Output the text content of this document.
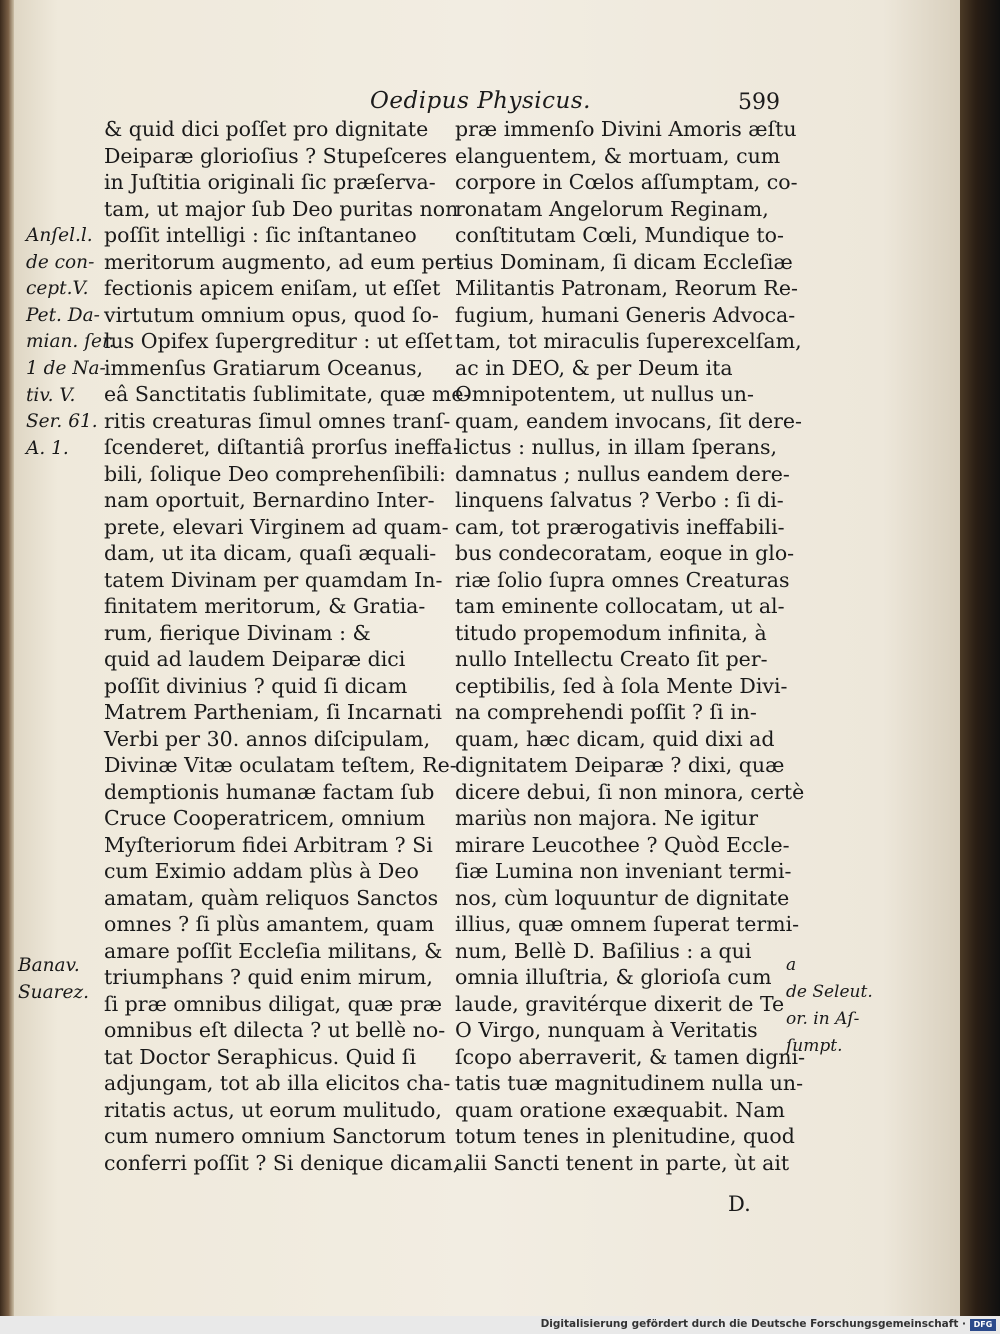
Oedipus Physicus.	599
& quid dici poſſet pro dignitate
Deiparæ glorioſius ? Stupeſceres
in Juſtitia originali ſic præſerva-
tam, ut major ſub Deo puritas non
poſſit intelligi : ſic inſtantaneo
meritorum augmento, ad eum per-
fectionis apicem eniſam, ut eſſet
virtutum omnium opus, quod ſo-
lus Opifex ſupergreditur : ut eſſet
immenſus Gratiarum Oceanus,
eâ Sanctitatis ſublimitate, quæ me-
ritis creaturas ſimul omnes tranſ-
ſcenderet, diſtantiâ prorſus ineffa-
bili, ſolique Deo comprehenſibili:
nam oportuit, Bernardino Inter-
prete, elevari Virginem ad quam-
dam, ut ita dicam, quaſi æquali-
tatem Divinam per quamdam In-
finitatem meritorum, & Gratia-
rum, fierique Divinam : &
quid ad laudem Deiparæ dici
poſſit divinius ? quid ſi dicam
Matrem Partheniam, ſi Incarnati
Verbi per 30. annos diſcipulam,
Divinæ Vitæ oculatam teſtem, Re-
demptionis humanæ factam ſub
Cruce Cooperatricem, omnium
Myſteriorum fidei Arbitram ? Si
cum Eximio addam plùs à Deo
amatam, quàm reliquos Sanctos
omnes ? ſi plùs amantem, quam
amare poſſit Eccleſia militans, &
triumphans ? quid enim mirum,
ſi præ omnibus diligat, quæ præ
omnibus eſt dilecta ? ut bellè no-
tat Doctor Seraphicus. Quid ſi
adjungam, tot ab illa elicitos cha-
ritatis actus, ut eorum mulitudo,
cum numero omnium Sanctorum
conferri poſſit ? Si denique dicam,
præ immenſo Divini Amoris æſtu
elanguentem, & mortuam, cum
corpore in Cœlos aſſumptam, co-
ronatam Angelorum Reginam,
conſtitutam Cœli, Mundique to-
tius Dominam, ſi dicam Eccleſiæ
Militantis Patronam, Reorum Re-
fugium, humani Generis Advoca-
tam, tot miraculis ſuperexcelſam,
ac in DEO, & per Deum ita
Omnipotentem, ut nullus un-
quam, eandem invocans, ſit dere-
lictus : nullus, in illam ſperans,
damnatus ; nullus eandem dere-
linquens ſalvatus ? Verbo : ſi di-
cam, tot prærogativis ineffabili-
bus condecoratam, eoque in glo-
riæ ſolio ſupra omnes Creaturas
tam eminente collocatam, ut al-
titudo propemodum infinita, à
nullo Intellectu Creato ſit per-
ceptibilis, ſed à ſola Mente Divi-
na comprehendi poſſit ? ſi in-
quam, hæc dicam, quid dixi ad
dignitatem Deiparæ ? dixi, quæ
dicere debui, ſi non minora, certè
mariùs non majora. Ne igitur
mirare Leucothee ? Quòd Eccle-
ſiæ Lumina non inveniant termi-
nos, cùm loquuntur de dignitate
illius, quæ omnem ſuperat termi-
num, Bellè D. Baſilius : a qui
omnia illuſtria, & glorioſa cum
laude, gravitérque dixerit de Te
O Virgo, nunquam à Veritatis
ſcopo aberraverit, & tamen digni-
tatis tuæ magnitudinem nulla un-
quam oratione exæquabit. Nam
totum tenes in plenitudine, quod
alii Sancti tenent in parte, ùt ait
Anſel.l.
de con-
cept.V.
Pet. Da-
mian. ſer.
1 de Na-
tiv. V.
Ser. 61.
A. 1.
Banav.
Suarez.
a
de Seleut.
or. in Aſ-
ſumpt.
D.
Digitalisierung gefördert durch die Deutsche Forschungsgemeinschaft · DFG
